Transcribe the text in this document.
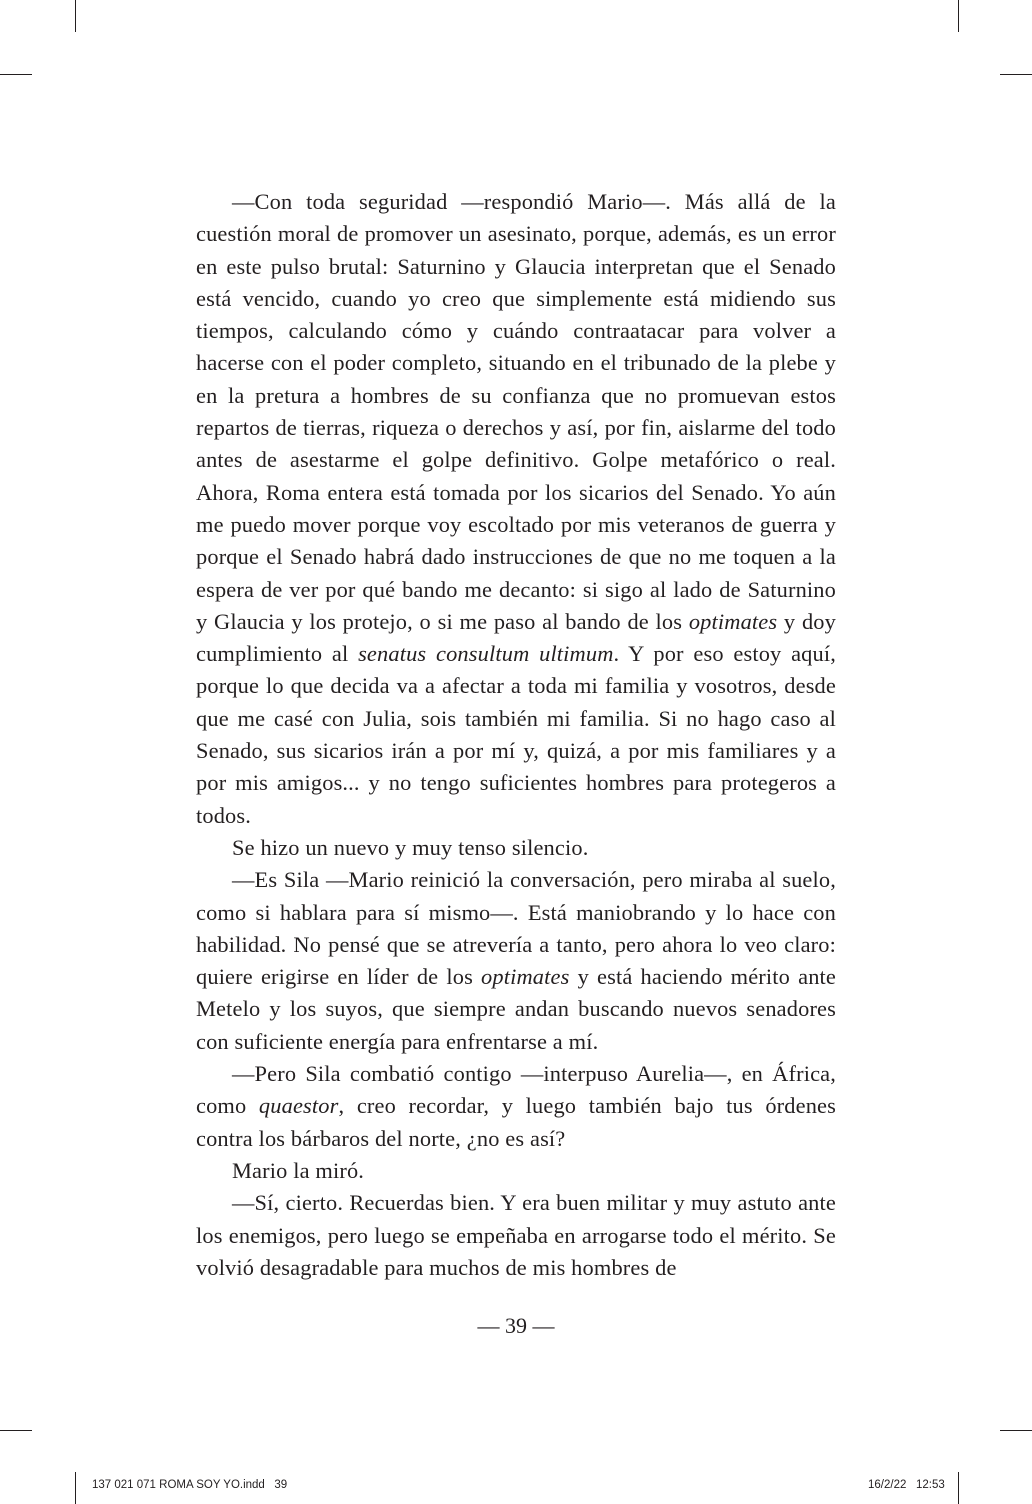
—Con toda seguridad —respondió Mario—. Más allá de la cuestión moral de promover un asesinato, porque, además, es un error en este pulso brutal: Saturnino y Glaucia interpretan que el Senado está vencido, cuando yo creo que simplemente está midiendo sus tiempos, calculando cómo y cuándo contraatacar para volver a hacerse con el poder completo, situando en el tribunado de la plebe y en la pretura a hombres de su confianza que no promuevan estos repartos de tierras, riqueza o derechos y así, por fin, aislarme del todo antes de asestarme el golpe definitivo. Golpe metafórico o real. Ahora, Roma entera está tomada por los sicarios del Senado. Yo aún me puedo mover porque voy escoltado por mis veteranos de guerra y porque el Senado habrá dado instrucciones de que no me toquen a la espera de ver por qué bando me decanto: si sigo al lado de Saturnino y Glaucia y los protejo, o si me paso al bando de los optimates y doy cumplimiento al senatus consultum ultimum. Y por eso estoy aquí, porque lo que decida va a afectar a toda mi familia y vosotros, desde que me casé con Julia, sois también mi familia. Si no hago caso al Senado, sus sicarios irán a por mí y, quizá, a por mis familiares y a por mis amigos... y no tengo suficientes hombres para protegeros a todos.

Se hizo un nuevo y muy tenso silencio.

—Es Sila —Mario reinició la conversación, pero miraba al suelo, como si hablara para sí mismo—. Está maniobrando y lo hace con habilidad. No pensé que se atrevería a tanto, pero ahora lo veo claro: quiere erigirse en líder de los optimates y está haciendo mérito ante Metelo y los suyos, que siempre andan buscando nuevos senadores con suficiente energía para enfrentarse a mí.

—Pero Sila combatió contigo —interpuso Aurelia—, en África, como quaestor, creo recordar, y luego también bajo tus órdenes contra los bárbaros del norte, ¿no es así?

Mario la miró.

—Sí, cierto. Recuerdas bien. Y era buen militar y muy astuto ante los enemigos, pero luego se empeñaba en arrogarse todo el mérito. Se volvió desagradable para muchos de mis hombres de

— 39 —
137 021 071 ROMA SOY YO.indd   39	16/2/22   12:53
